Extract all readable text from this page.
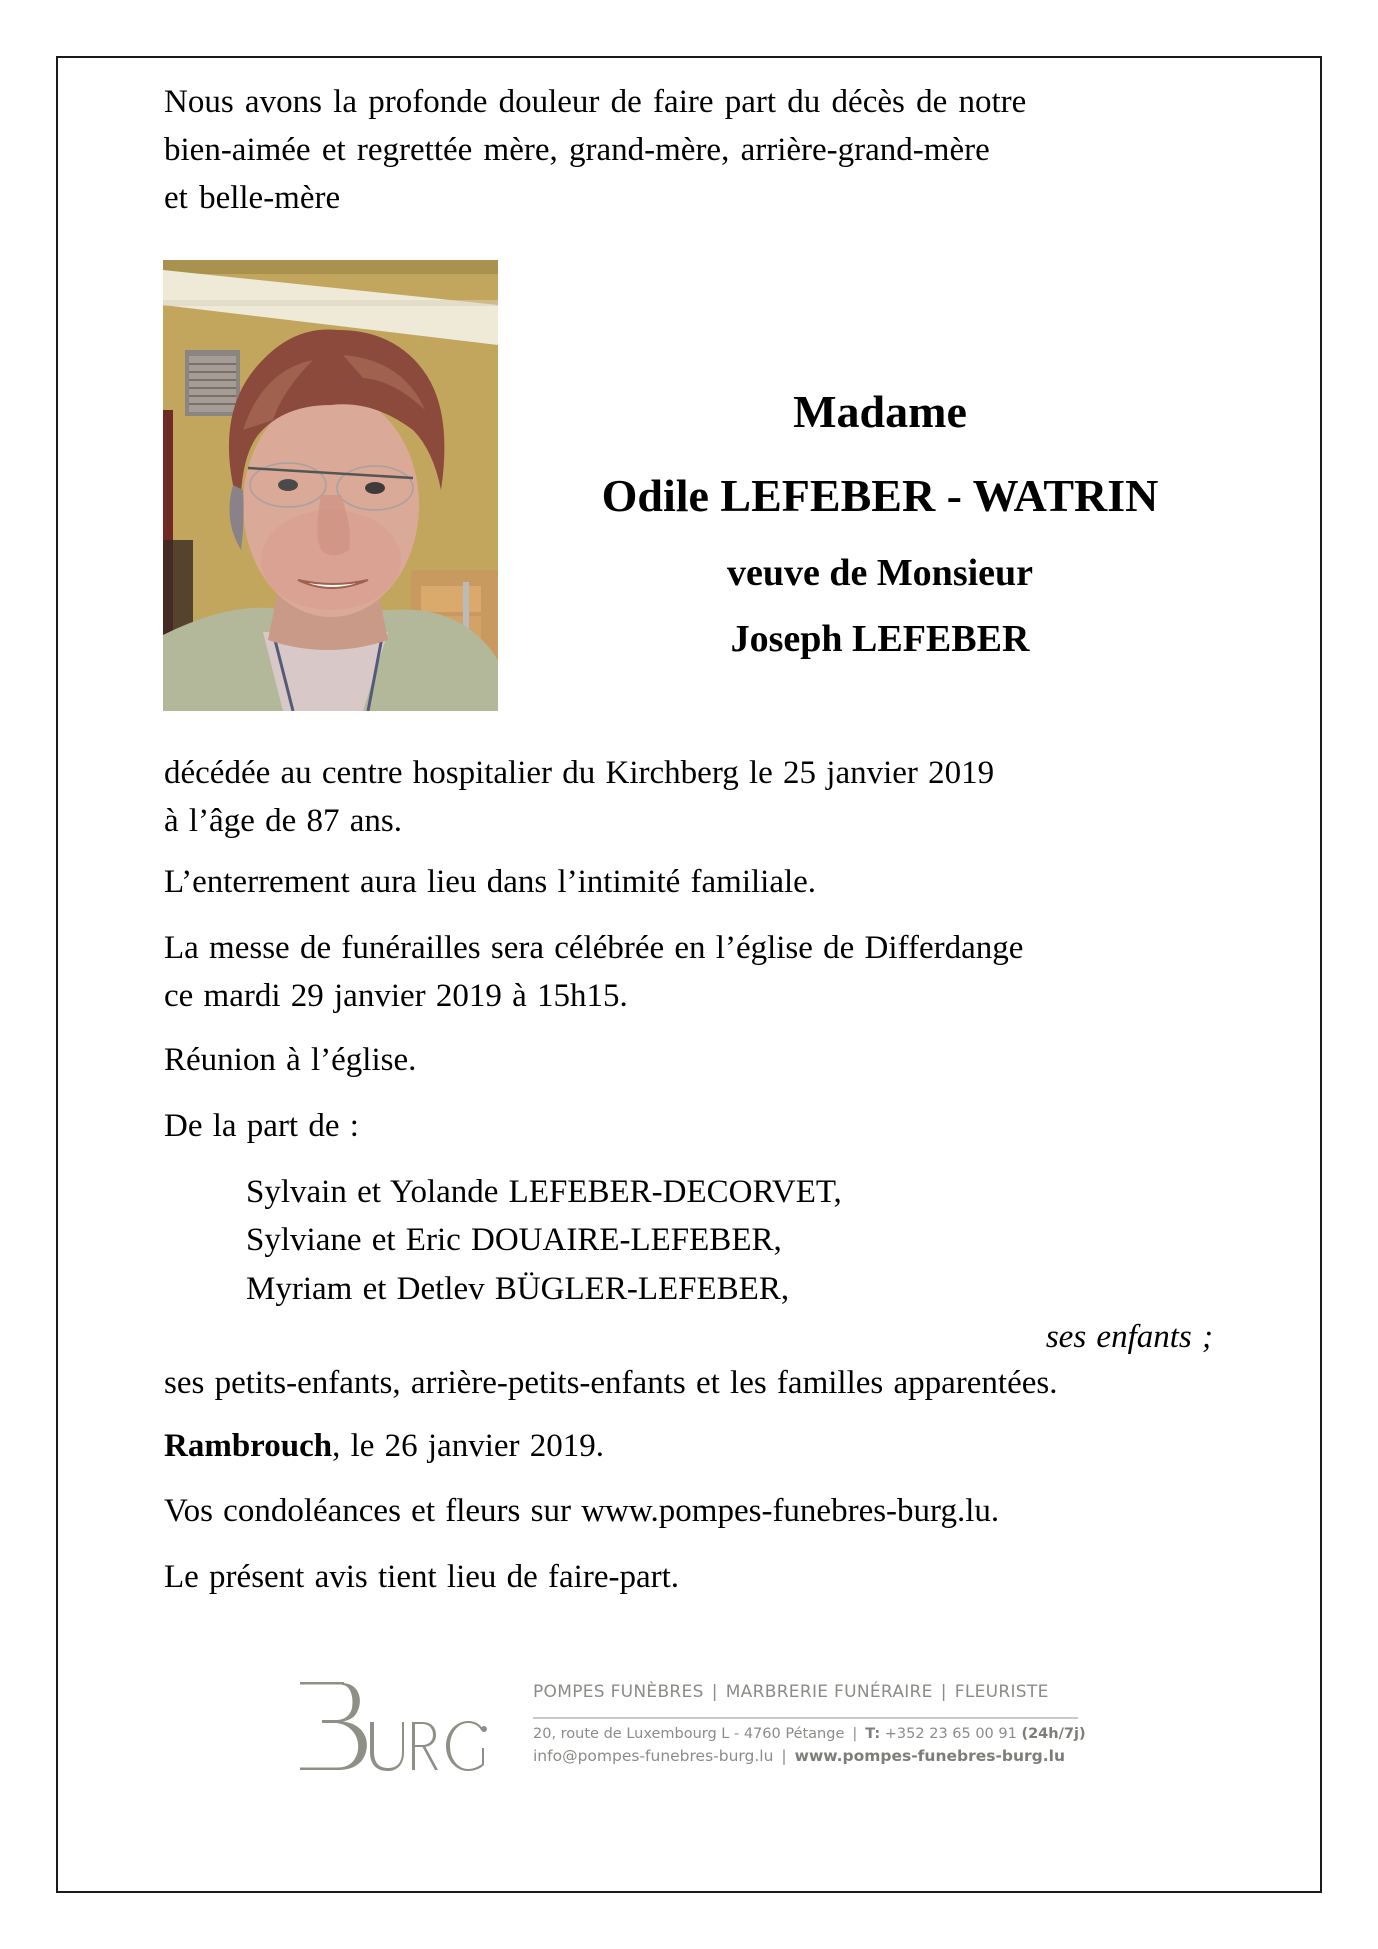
Nous avons la profonde douleur de faire part du décès de notre
bien-aimée et regrettée mère, grand-mère, arrière-grand-mère
et belle-mère
Madame
Odile LEFEBER - WATRIN
veuve de Monsieur
Joseph LEFEBER
décédée au centre hospitalier du Kirchberg le 25 janvier 2019
à l’âge de 87 ans.
L’enterrement aura lieu dans l’intimité familiale.
La messe de funérailles sera célébrée en l’église de Differdange
ce mardi 29 janvier 2019 à 15h15.
Réunion à l’église.
De la part de :
Sylvain et Yolande LEFEBER-DECORVET,
Sylviane et Eric DOUAIRE-LEFEBER,
Myriam et Detlev BÜGLER-LEFEBER,
ses enfants ;
ses petits-enfants, arrière-petits-enfants et les familles apparentées.
Rambrouch, le 26 janvier 2019.
Vos condoléances et fleurs sur www.pompes-funebres-burg.lu.
Le présent avis tient lieu de faire-part.
POMPES FUNÈBRES | MARBRERIE FUNÉRAIRE | FLEURISTE
20, route de Luxembourg L - 4760 Pétange | T: +352 23 65 00 91 (24h/7j)
info@pompes-funebres-burg.lu | www.pompes-funebres-burg.lu
